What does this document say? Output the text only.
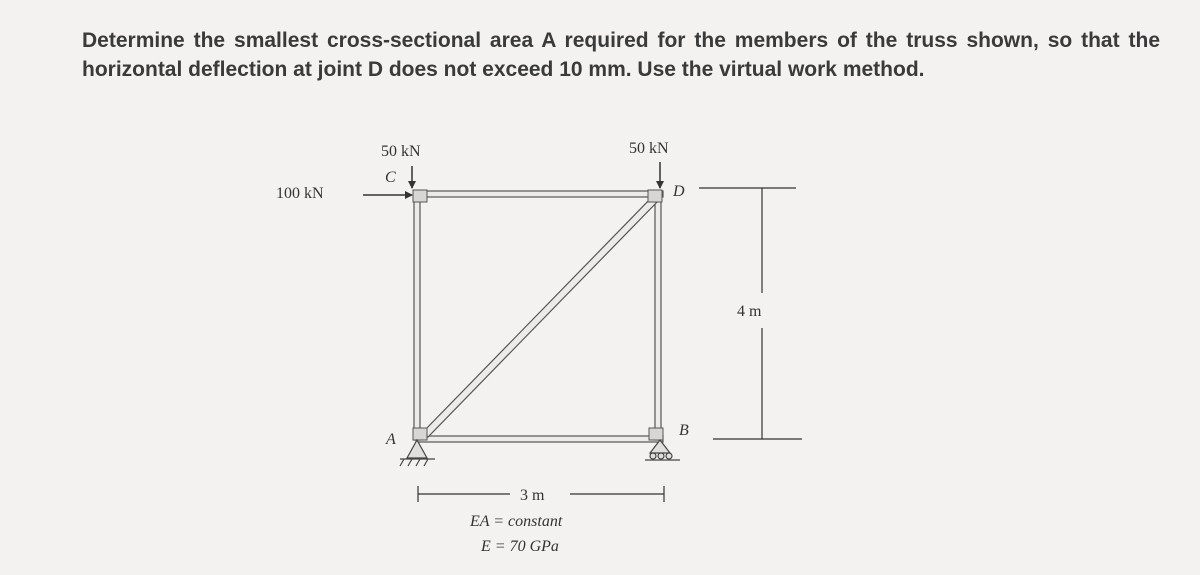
Determine the smallest cross-sectional area A required for the members of the truss shown, so that the horizontal deflection at joint D does not exceed 10 mm. Use the virtual work method.
50 kN	50 kN
100 kN
C
D
A
B
4 m
3 m
EA = constant
E = 70 GPa
